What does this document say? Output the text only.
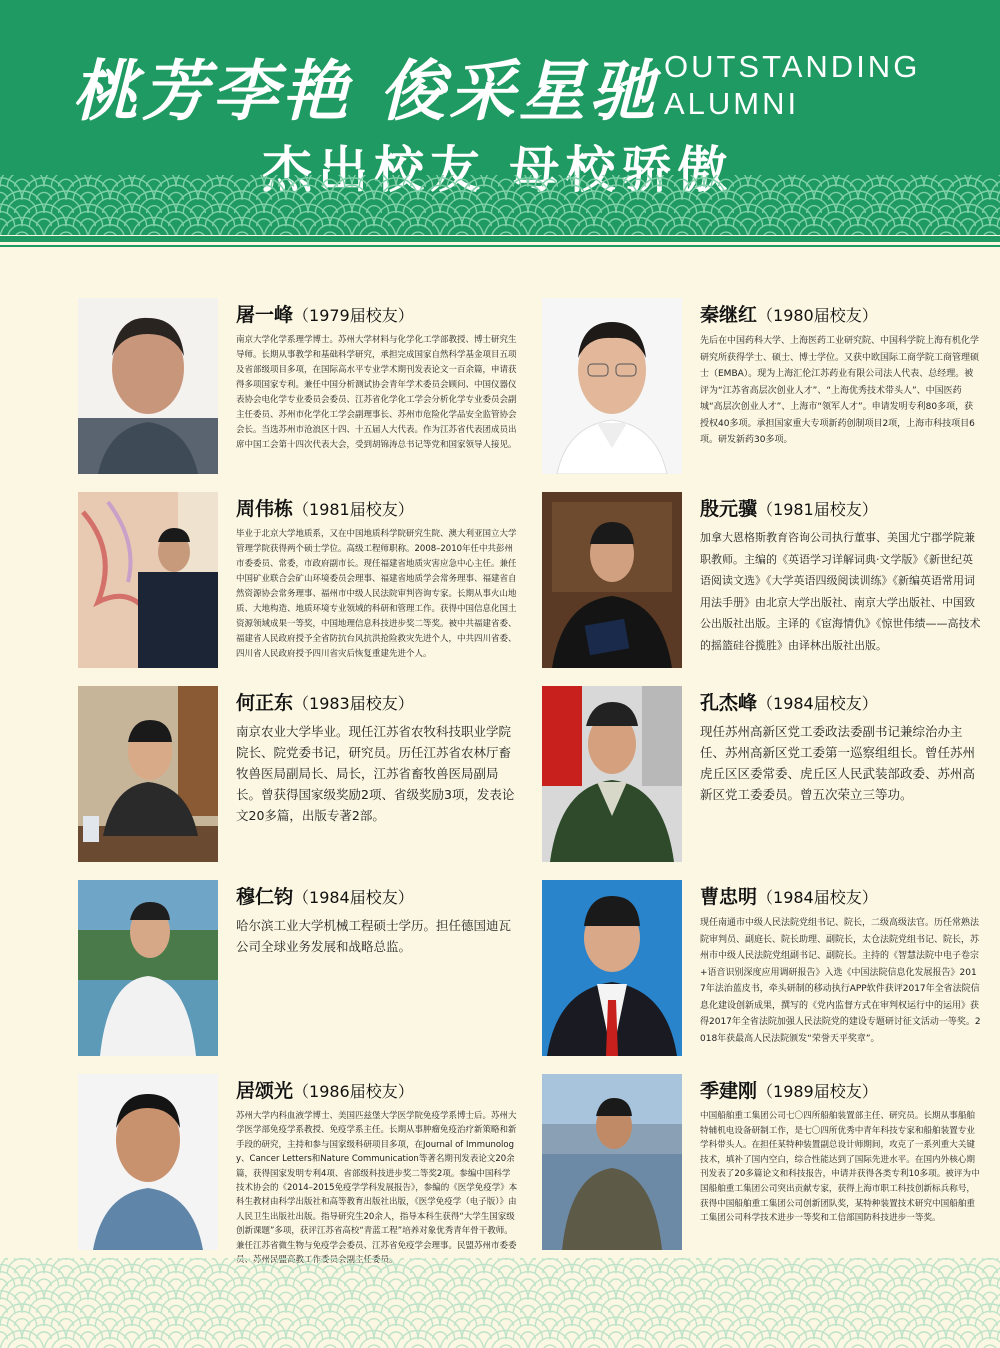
桃芳李艳 俊采星驰 OUTSTANDING ALUMNI
杰出校友 母校骄傲
屠一峰（1979届校友）
南京大学化学系理学博士。苏州大学材料与化学化工学部教授、博士研究生导师。长期从事教学和基础科学研究，承担完成国家自然科学基金项目五项及省部级项目多项，在国际高水平专业学术期刊发表论文一百余篇，申请获得多项国家专利。兼任中国分析测试协会青年学术委员会顾问、中国仪器仪表协会电化学专业委员会委员、江苏省化学化工学会分析化学专业委员会副主任委员、苏州市化学化工学会副理事长、苏州市危险化学品安全监管协会会长。当选苏州市沧浪区十四、十五届人大代表。作为江苏省代表团成员出席中国工会第十四次代表大会，受到胡锦涛总书记等党和国家领导人接见。
秦继红（1980届校友）
先后在中国药科大学、上海医药工业研究院、中国科学院上海有机化学研究所获得学士、硕士、博士学位。又获中欧国际工商学院工商管理硕士（EMBA）。现为上海汇伦江苏药业有限公司法人代表、总经理。被评为“江苏省高层次创业人才”、“上海优秀技术带头人”、中国医药城“高层次创业人才”、上海市“领军人才”。申请发明专利80多项，获授权40多项。承担国家重大专项新药创制项目2项，上海市科技项目6项。研发新药30多项。
周伟栋（1981届校友）
毕业于北京大学地质系，又在中国地质科学院研究生院、澳大利亚国立大学管理学院获得两个硕士学位。高级工程师职称。2008–2010年任中共彭州市委委员、常委，市政府副市长。现任福建省地质灾害应急中心主任。兼任中国矿业联合会矿山环境委员会理事、福建省地质学会常务理事、福建省自然资源协会常务理事、福州市中级人民法院审判咨询专家。长期从事火山地质、大地构造、地质环境专业领域的科研和管理工作。获得中国信息化国土资源领域成果一等奖，中国地理信息科技进步奖二等奖。被中共福建省委、福建省人民政府授予全省防抗台风抗洪抢险救灾先进个人，中共四川省委、四川省人民政府授予四川省灾后恢复重建先进个人。
殷元骥（1981届校友）
加拿大恩格斯教育咨询公司执行董事、美国尤宁郡学院兼职教师。主编的《英语学习详解词典·文学版》《新世纪英语阅读文选》《大学英语四级阅读训练》《新编英语常用词用法手册》由北京大学出版社、南京大学出版社、中国致公出版社出版。主译的《宦海情仇》《惊世伟绩——高技术的摇篮硅谷揽胜》由译林出版社出版。
何正东（1983届校友）
南京农业大学毕业。现任江苏省农牧科技职业学院院长、院党委书记，研究员。历任江苏省农林厅畜牧兽医局副局长、局长，江苏省畜牧兽医局副局长。曾获得国家级奖励2项、省级奖励3项，发表论文20多篇，出版专著2部。
孔杰峰（1984届校友）
现任苏州高新区党工委政法委副书记兼综治办主任、苏州高新区党工委第一巡察组组长。曾任苏州虎丘区区委常委、虎丘区人民武装部政委、苏州高新区党工委委员。曾五次荣立三等功。
穆仁钧（1984届校友）
哈尔滨工业大学机械工程硕士学历。担任德国迪瓦公司全球业务发展和战略总监。
曹忠明（1984届校友）
现任南通市中级人民法院党组书记、院长，二级高级法官。历任常熟法院审判员、副庭长、院长助理、副院长，太仓法院党组书记、院长，苏州市中级人民法院党组副书记、副院长。主持的《智慧法院中电子卷宗+语音识别深度应用调研报告》入选《中国法院信息化发展报告》2017年法治蓝皮书，牵头研制的移动执行APP软件获评2017年全省法院信息化建设创新成果，撰写的《党内监督方式在审判权运行中的运用》获得2017年全省法院加强人民法院党的建设专题研讨征文活动一等奖。2018年获最高人民法院颁发“荣誉天平奖章”。
居颂光（1986届校友）
苏州大学内科血液学博士、美国匹兹堡大学医学院免疫学系博士后。苏州大学医学部免疫学系教授、免疫学系主任。长期从事肿瘤免疫治疗新策略和新手段的研究，主持和参与国家级科研项目多项，在Journal of Immunology、Cancer Letters和Nature Communication等著名期刊发表论文20余篇，获得国家发明专利4项、省部级科技进步奖二等奖2项。参编中国科学技术协会的《2014–2015免疫学学科发展报告》，参编的《医学免疫学》本科生教材由科学出版社和高等教育出版社出版，《医学免疫学（电子版）》由人民卫生出版社出版。指导研究生20余人，指导本科生获得“大学生国家级创新课题”多项，获评江苏省高校“青蓝工程”培养对象优秀青年骨干教师。兼任江苏省微生物与免疫学会委员、江苏省免疫学会理事。民盟苏州市委委员、苏州民盟高教工作委员会副主任委员。
季建刚（1989届校友）
中国船舶重工集团公司七〇四所船舶装置部主任、研究员。长期从事船舶特辅机电设备研制工作，是七〇四所优秀中青年科技专家和船舶装置专业学科带头人。在担任某特种装置副总设计师期间，攻克了一系列重大关键技术，填补了国内空白，综合性能达到了国际先进水平。在国内外核心期刊发表了20多篇论文和科技报告，申请并获得各类专利10多项。被评为中国船舶重工集团公司突出贡献专家，获得上海市职工科技创新标兵称号，获得中国船舶重工集团公司创新团队奖，某特种装置技术研究中国船舶重工集团公司科学技术进步一等奖和工信部国防科技进步一等奖。
